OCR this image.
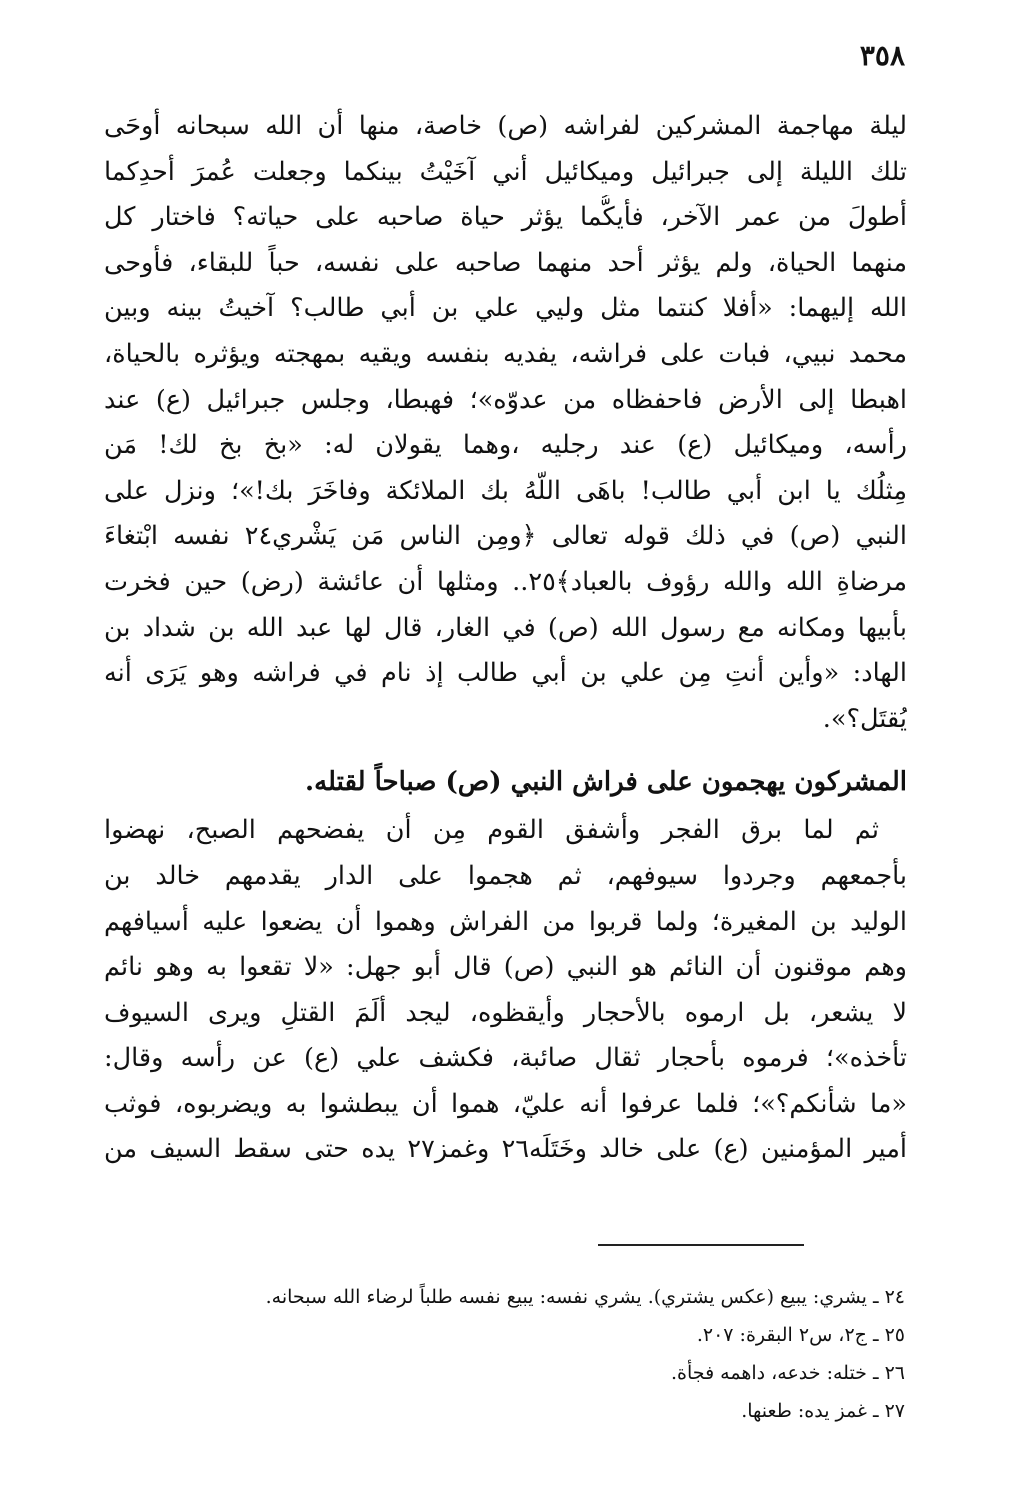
٣٥٨

ليلة مهاجمة المشركين لفراشه (ص) خاصة، منها أن الله سبحانه أوحَى
تلك الليلة إلى جبرائيل وميكائيل أني آخَيْتُ بينكما وجعلت عُمرَ أحدِكما
أطولَ من عمر الآخر، فأيكُّما يؤثر حياة صاحبه على حياته؟ فاختار كل
منهما الحياة، ولم يؤثر أحد منهما صاحبه على نفسه، حباً للبقاء، فأوحى
الله إليهما: «أفلا كنتما مثل وليي علي بن أبي طالب؟ آخيتُ بينه وبين
محمد نبيي، فبات على فراشه، يفديه بنفسه ويقيه بمهجته ويؤثره بالحياة،
اهبطا إلى الأرض فاحفظاه من عدوّه»؛ فهبطا، وجلس جبرائيل (ع) عند
رأسه، وميكائيل (ع) عند رجليه ،وهما يقولان له: «بخ بخ لك! مَن
مِثلُك يا ابن أبي طالب! باهَى اللّهُ بك الملائكة وفاخَرَ بك!»؛ ونزل على
النبي (ص) في ذلك قوله تعالى ﴿ومِن الناس مَن يَشْري٢٤ نفسه ابْتغاءَ
مرضاةِ الله والله رؤوف بالعباد﴾٢٥.. ومثلها أن عائشة (رض) حين فخرت
بأبيها ومكانه مع رسول الله (ص) في الغار، قال لها عبد الله بن شداد بن
الهاد: «وأين أنتِ مِن علي بن أبي طالب إذ نام في فراشه وهو يَرَى أنه
يُقتَل؟».

المشركون يهجمون على فراش النبي (ص) صباحاً لقتله.

ثم لما برق الفجر وأشفق القوم مِن أن يفضحهم الصبح، نهضوا
بأجمعهم وجردوا سيوفهم، ثم هجموا على الدار يقدمهم خالد بن
الوليد بن المغيرة؛ ولما قربوا من الفراش وهموا أن يضعوا عليه أسيافهم
وهم موقنون أن النائم هو النبي (ص) قال أبو جهل: «لا تقعوا به وهو نائم
لا يشعر، بل ارموه بالأحجار وأيقظوه، ليجد ألَمَ القتلِ ويرى السيوف
تأخذه»؛ فرموه بأحجار ثقال صائبة، فكشف علي (ع) عن رأسه وقال:
«ما شأنكم؟»؛ فلما عرفوا أنه عليّ، هموا أن يبطشوا به ويضربوه، فوثب
أمير المؤمنين (ع) على خالد وخَتَلَه٢٦ وغمز٢٧ يده حتى سقط السيف من

٢٤ ـ يشري: يبيع (عكس يشتري). يشري نفسه: يبيع نفسه طلباً لرضاء الله سبحانه.
٢٥ ـ ج٢، س٢ البقرة: ٢٠٧.
٢٦ ـ ختله: خدعه، داهمه فجأة.
٢٧ ـ غمز يده: طعنها.
